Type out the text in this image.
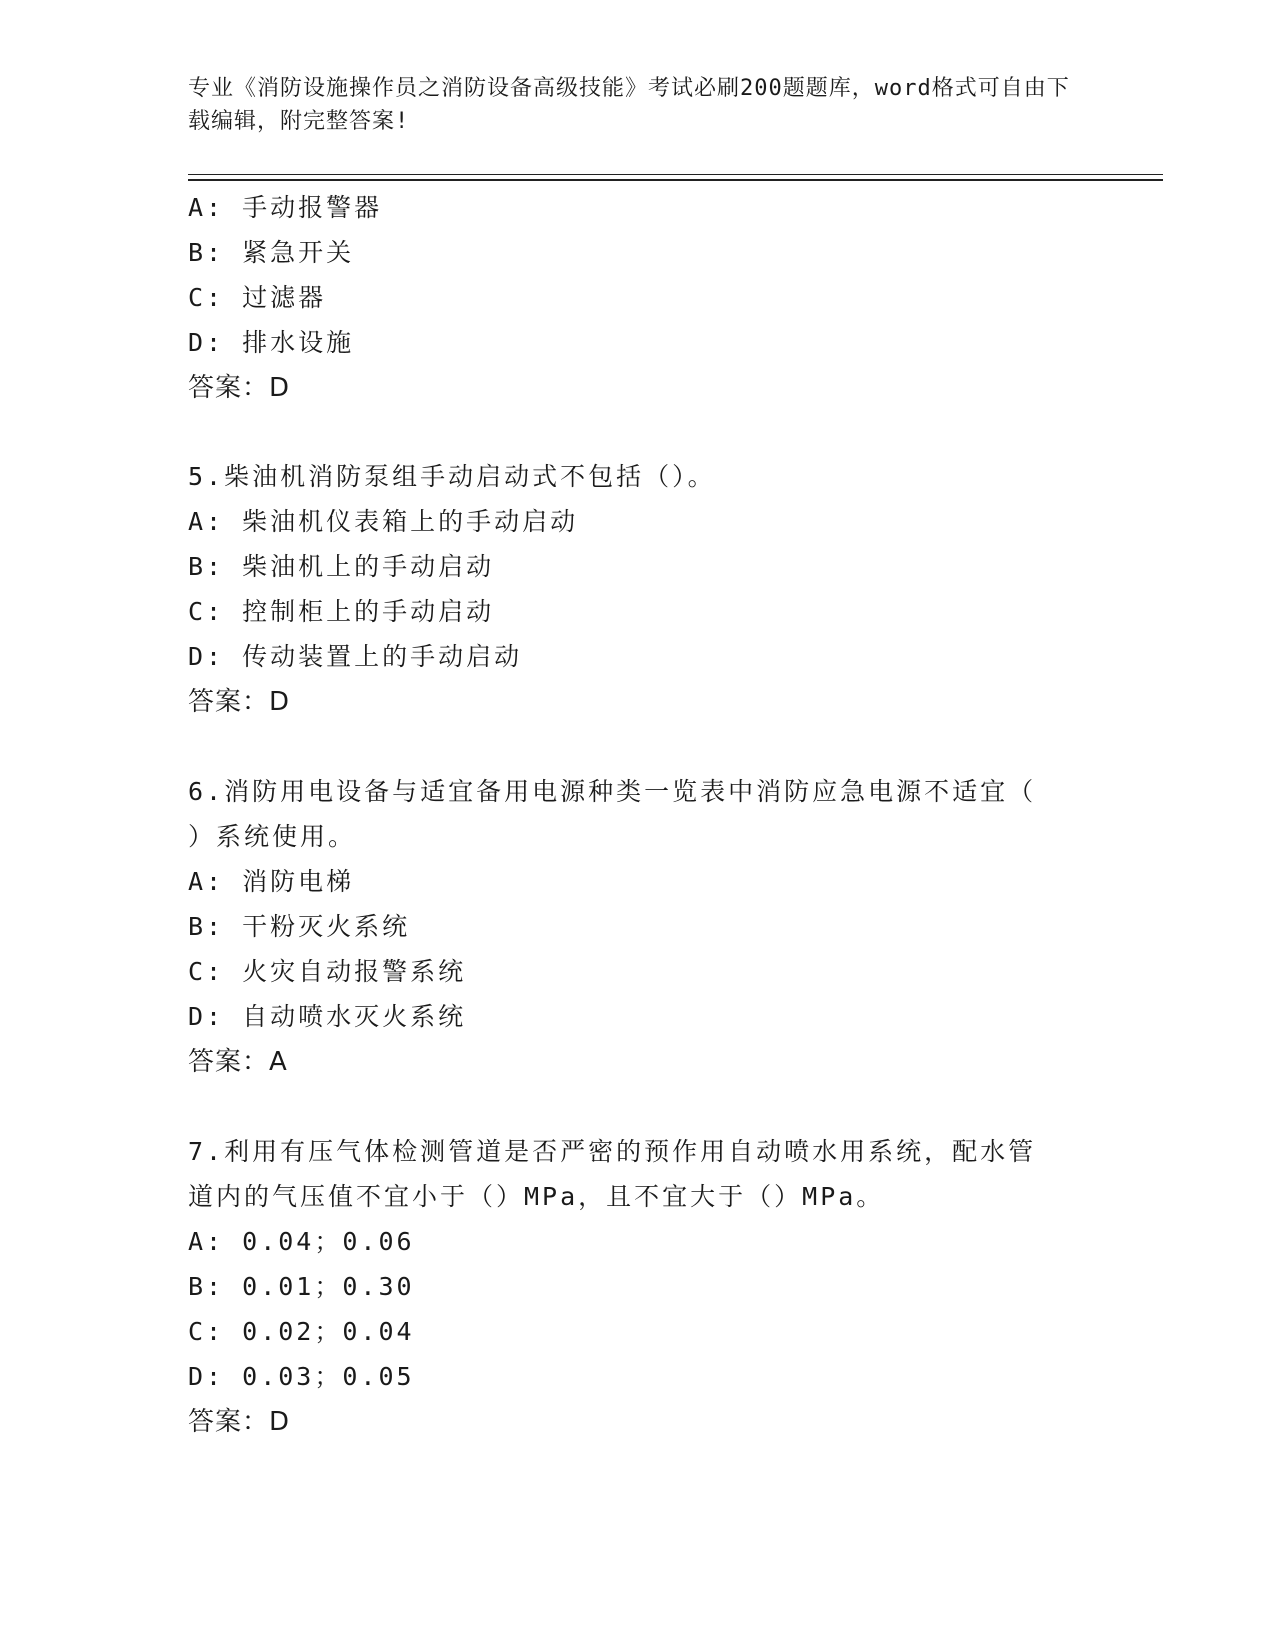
专业《消防设施操作员之消防设备高级技能》考试必刷200题题库，word格式可自由下载编辑，附完整答案!
A: 手动报警器
B: 紧急开关
C: 过滤器
D: 排水设施
答案：D
5.柴油机消防泵组手动启动式不包括（）。
A: 柴油机仪表箱上的手动启动
B: 柴油机上的手动启动
C: 控制柜上的手动启动
D: 传动装置上的手动启动
答案：D
6.消防用电设备与适宜备用电源种类一览表中消防应急电源不适宜（
）系统使用。
A: 消防电梯
B: 干粉灭火系统
C: 火灾自动报警系统
D: 自动喷水灭火系统
答案：A
7.利用有压气体检测管道是否严密的预作用自动喷水用系统，配水管
道内的气压值不宜小于（）MPa，且不宜大于（）MPa。
A: 0.04；0.06
B: 0.01；0.30
C: 0.02；0.04
D: 0.03；0.05
答案：D
